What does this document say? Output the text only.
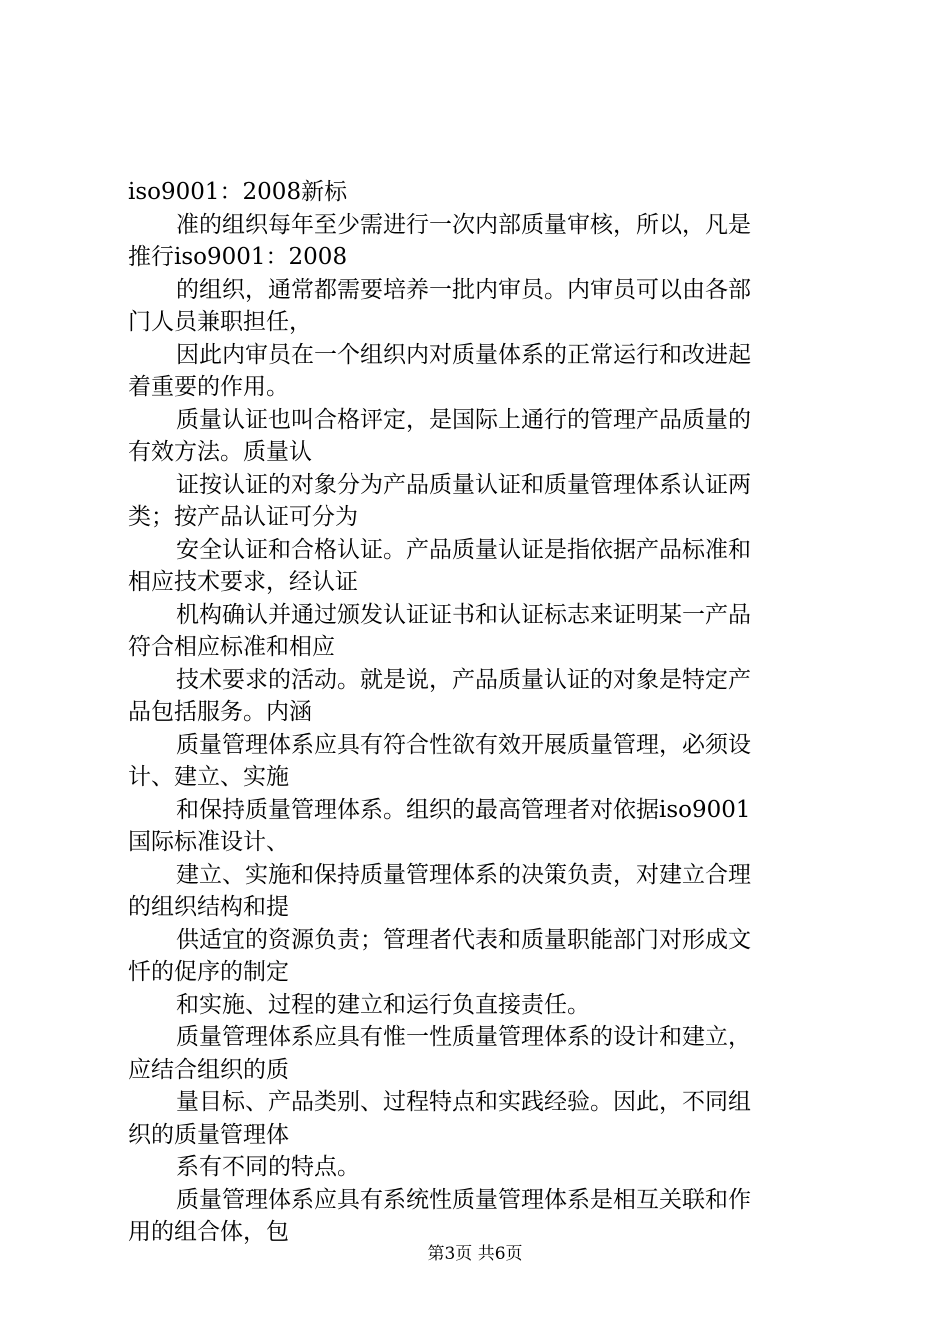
iso9001：2008新标

准的组织每年至少需进行一次内部质量审核，所以，凡是

推行iso9001：2008

的组织，通常都需要培养一批内审员。内审员可以由各部

门人员兼职担任，

因此内审员在一个组织内对质量体系的正常运行和改进起

着重要的作用。

质量认证也叫合格评定，是国际上通行的管理产品质量的

有效方法。质量认

证按认证的对象分为产品质量认证和质量管理体系认证两

类；按产品认证可分为

安全认证和合格认证。产品质量认证是指依据产品标准和

相应技术要求，经认证

机构确认并通过颁发认证证书和认证标志来证明某一产品

符合相应标准和相应

技术要求的活动。就是说，产品质量认证的对象是特定产

品包括服务。内涵

质量管理体系应具有符合性欲有效开展质量管理，必须设

计、建立、实施

和保持质量管理体系。组织的最高管理者对依据iso9001

国际标准设计、

建立、实施和保持质量管理体系的决策负责，对建立合理

的组织结构和提

供适宜的资源负责；管理者代表和质量职能部门对形成文

忏的促序的制定

和实施、过程的建立和运行负直接责任。

质量管理体系应具有惟一性质量管理体系的设计和建立，

应结合组织的质

量目标、产品类别、过程特点和实践经验。因此，不同组

织的质量管理体

系有不同的特点。

质量管理体系应具有系统性质量管理体系是相互关联和作

用的组合体，包

第3页 共6页
